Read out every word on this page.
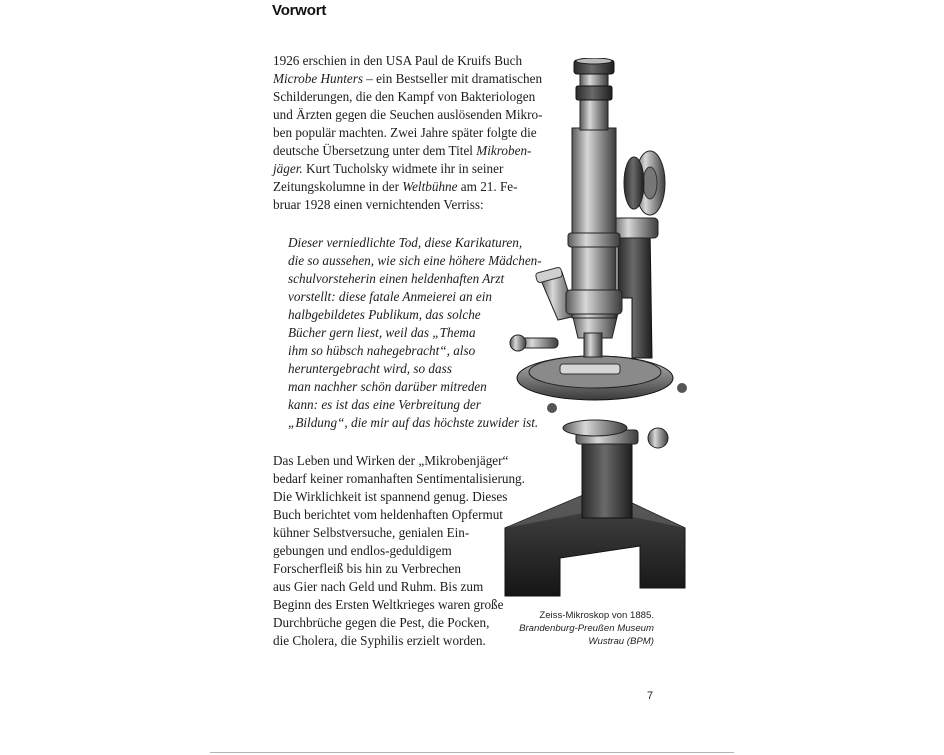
Vorwort
1926 erschien in den USA Paul de Kruifs Buch
Microbe Hunters – ein Bestseller mit dramatischen
Schilderungen, die den Kampf von Bakteriologen
und Ärzten gegen die Seuchen auslösenden Mikro-
ben populär machten. Zwei Jahre später folgte die
deutsche Übersetzung unter dem Titel Mikroben-
jäger. Kurt Tucholsky widmete ihr in seiner
Zeitungskolumne in der Weltbühne am 21. Fe-
bruar 1928 einen vernichtenden Verriss:
Dieser verniedlichte Tod, diese Karikaturen,
die so aussehen, wie sich eine höhere Mädchen-
schulvorsteherin einen heldenhaften Arzt
vorstellt: diese fatale Anmeierei an ein
halbgebildetes Publikum, das solche
Bücher gern liest, weil das „Thema
ihm so hübsch nahegebracht“, also
heruntergebracht wird, so dass
man nachher schön darüber mitreden
kann: es ist das eine Verbreitung der
„Bildung“, die mir auf das höchste zuwider ist.
Das Leben und Wirken der „Mikrobenjäger“
bedarf keiner romanhaften Sentimentalisierung.
Die Wirklichkeit ist spannend genug. Dieses
Buch berichtet vom heldenhaften Opfermut
kühner Selbstversuche, genialen Ein-
gebungen und endlos-geduldigem
Forscherfleiß bis hin zu Verbrechen
aus Gier nach Geld und Ruhm. Bis zum
Beginn des Ersten Weltkrieges waren große
Durchbrüche gegen die Pest, die Pocken,
die Cholera, die Syphilis erzielt worden.
Zeiss-Mikroskop von 1885.
Brandenburg-Preußen Museum
Wustrau (BPM)
7
